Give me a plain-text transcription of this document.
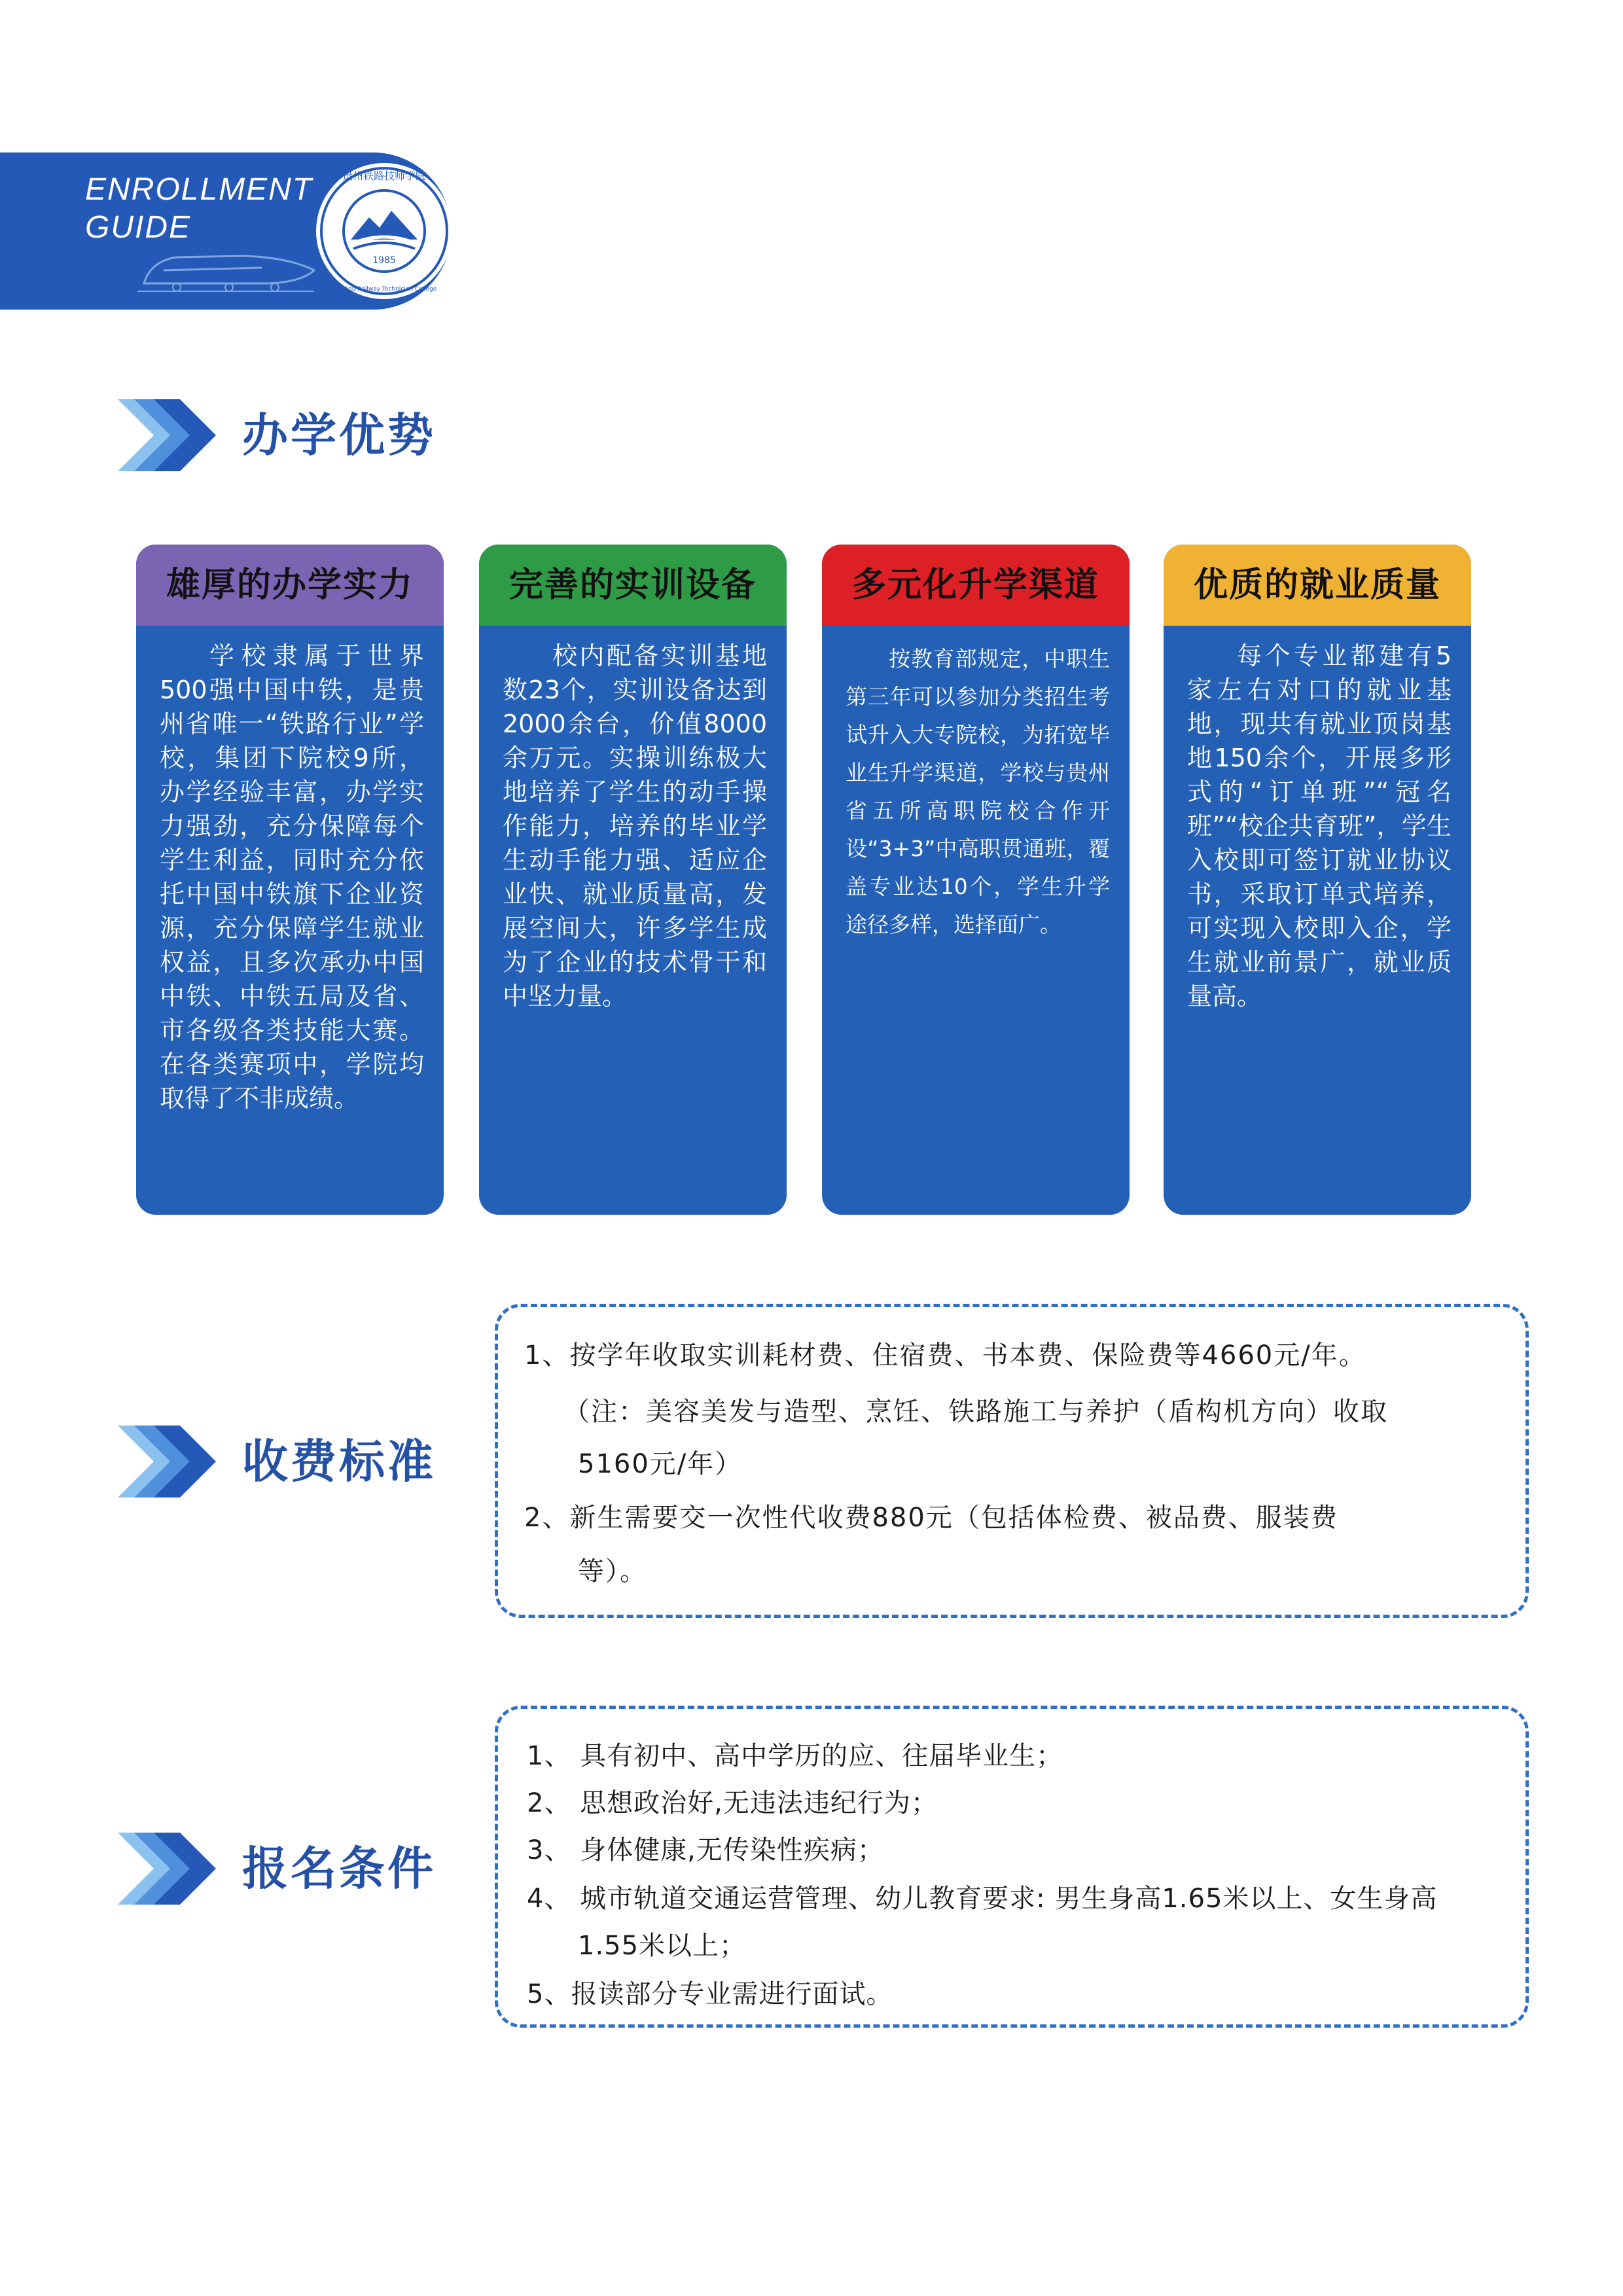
ENROLLMENT
GUIDE
1985
贵州铁路技师学院
Guizhou Railway Technician College
办学优势
雄厚的办学实力
学校隶属于世界500强中国中铁，是贵州省唯一“铁路行业”学校，集团下院校9所，办学经验丰富，办学实力强劲，充分保障每个学生利益，同时充分依托中国中铁旗下企业资源，充分保障学生就业权益，且多次承办中国中铁、中铁五局及省、市各级各类技能大赛。在各类赛项中，学院均取得了不非成绩。
完善的实训设备
校内配备实训基地数23个，实训设备达到2000余台，价值8000余万元。实操训练极大地培养了学生的动手操作能力，培养的毕业学生动手能力强、适应企业快、就业质量高，发展空间大，许多学生成为了企业的技术骨干和中坚力量。
多元化升学渠道
按教育部规定，中职生第三年可以参加分类招生考试升入大专院校，为拓宽毕业生升学渠道，学校与贵州省五所高职院校合作开设“3+3”中高职贯通班，覆盖专业达10个，学生升学途径多样，选择面广。
优质的就业质量
每个专业都建有5家左右对口的就业基地，现共有就业顶岗基地150余个，开展多形式的“订单班”“冠名班”“校企共育班”，学生入校即可签订就业协议书，采取订单式培养，可实现入校即入企，学生就业前景广，就业质量高。
收费标准
1、按学年收取实训耗材费、住宿费、书本费、保险费等4660元/年。
（注：美容美发与造型、烹饪、铁路施工与养护（盾构机方向）收取
5160元/年）
2、新生需要交一次性代收费880元（包括体检费、被品费、服装费
等）。
报名条件
1、 具有初中、高中学历的应、往届毕业生；
2、 思想政治好,无违法违纪行为；
3、 身体健康,无传染性疾病；
4、 城市轨道交通运营管理、幼儿教育要求: 男生身高1.65米以上、女生身高
1.55米以上；
5、报读部分专业需进行面试。
